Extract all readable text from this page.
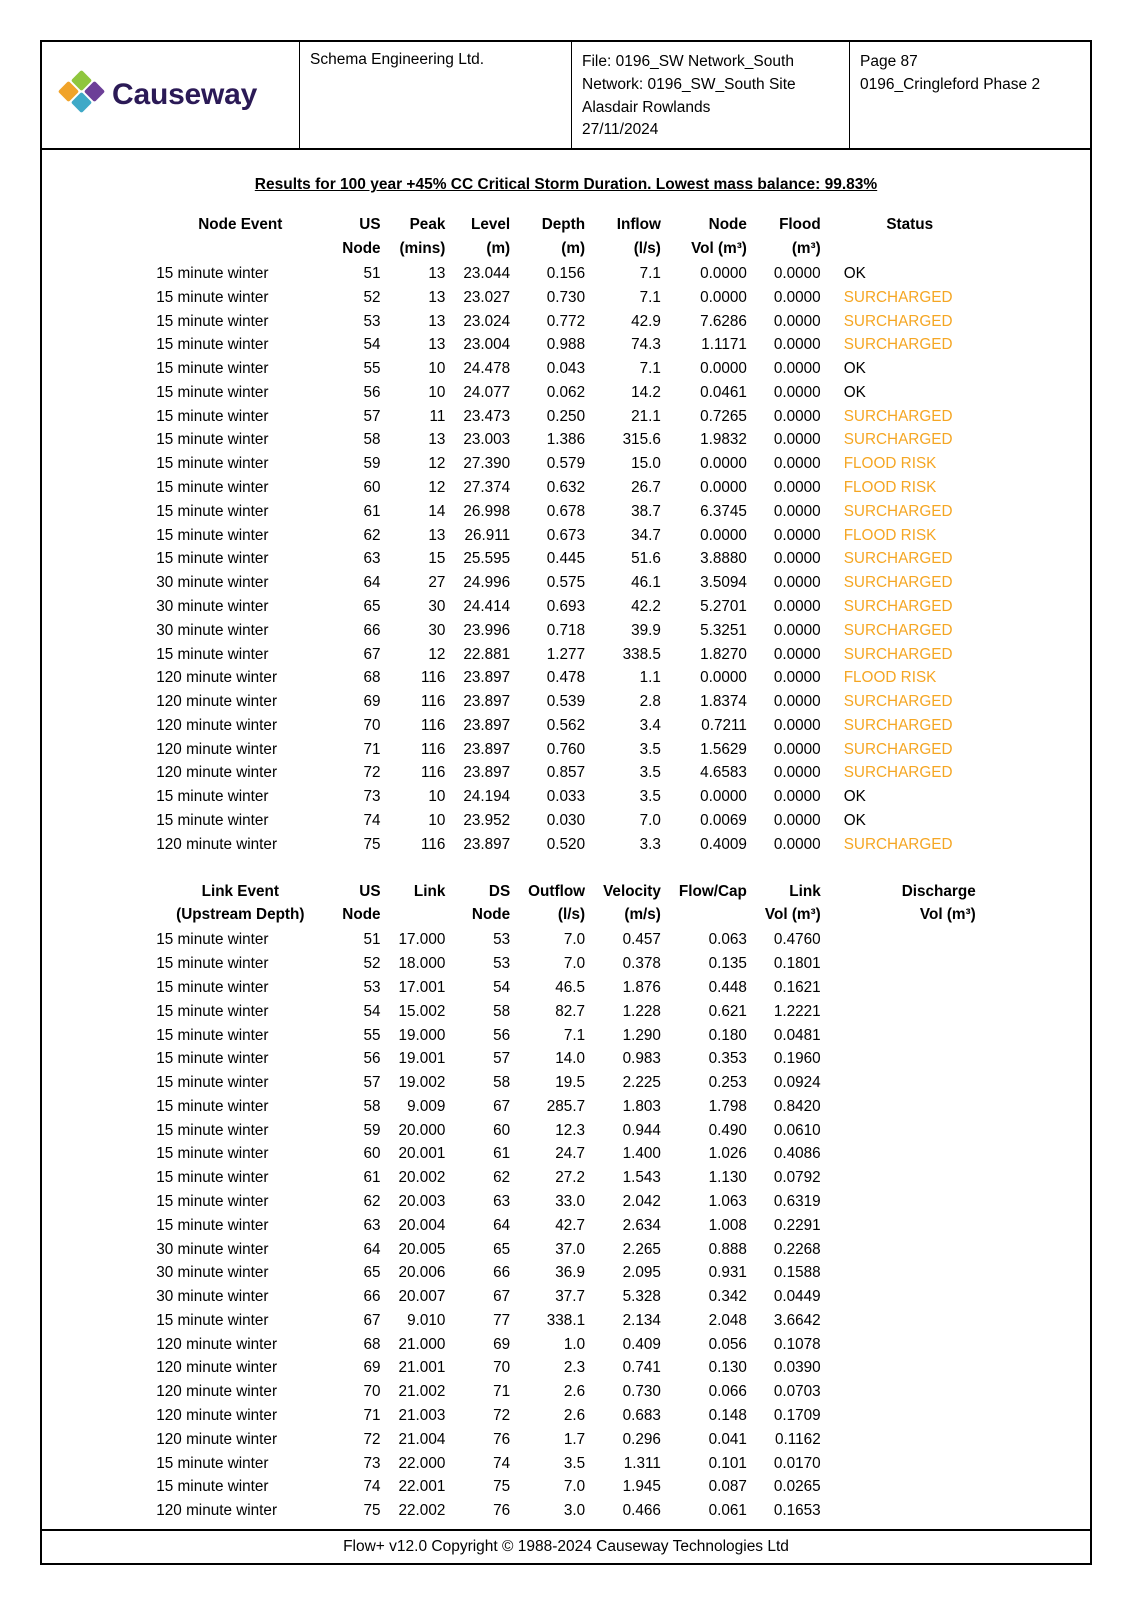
Causeway
Schema Engineering Ltd.	File: 0196_SW Network_South
Network: 0196_SW_South Site
Alasdair Rowlands
27/11/2024
Page 87
0196_Cringleford Phase 2
Results for 100 year +45% CC Critical Storm Duration. Lowest mass balance: 99.83%
Node Event	US	Peak	Level	Depth	Inflow	Node	Flood	Status
	Node	(mins)	(m)	(m)	(l/s)	Vol (m³)	(m³)	
15 minute winter	51	13	23.044	0.156	7.1	0.0000	0.0000	OK
15 minute winter	52	13	23.027	0.730	7.1	0.0000	0.0000	SURCHARGED
15 minute winter	53	13	23.024	0.772	42.9	7.6286	0.0000	SURCHARGED
15 minute winter	54	13	23.004	0.988	74.3	1.1171	0.0000	SURCHARGED
15 minute winter	55	10	24.478	0.043	7.1	0.0000	0.0000	OK
15 minute winter	56	10	24.077	0.062	14.2	0.0461	0.0000	OK
15 minute winter	57	11	23.473	0.250	21.1	0.7265	0.0000	SURCHARGED
15 minute winter	58	13	23.003	1.386	315.6	1.9832	0.0000	SURCHARGED
15 minute winter	59	12	27.390	0.579	15.0	0.0000	0.0000	FLOOD RISK
15 minute winter	60	12	27.374	0.632	26.7	0.0000	0.0000	FLOOD RISK
15 minute winter	61	14	26.998	0.678	38.7	6.3745	0.0000	SURCHARGED
15 minute winter	62	13	26.911	0.673	34.7	0.0000	0.0000	FLOOD RISK
15 minute winter	63	15	25.595	0.445	51.6	3.8880	0.0000	SURCHARGED
30 minute winter	64	27	24.996	0.575	46.1	3.5094	0.0000	SURCHARGED
30 minute winter	65	30	24.414	0.693	42.2	5.2701	0.0000	SURCHARGED
30 minute winter	66	30	23.996	0.718	39.9	5.3251	0.0000	SURCHARGED
15 minute winter	67	12	22.881	1.277	338.5	1.8270	0.0000	SURCHARGED
120 minute winter	68	116	23.897	0.478	1.1	0.0000	0.0000	FLOOD RISK
120 minute winter	69	116	23.897	0.539	2.8	1.8374	0.0000	SURCHARGED
120 minute winter	70	116	23.897	0.562	3.4	0.7211	0.0000	SURCHARGED
120 minute winter	71	116	23.897	0.760	3.5	1.5629	0.0000	SURCHARGED
120 minute winter	72	116	23.897	0.857	3.5	4.6583	0.0000	SURCHARGED
15 minute winter	73	10	24.194	0.033	3.5	0.0000	0.0000	OK
15 minute winter	74	10	23.952	0.030	7.0	0.0069	0.0000	OK
120 minute winter	75	116	23.897	0.520	3.3	0.4009	0.0000	SURCHARGED

Link Event	US	Link	DS	Outflow	Velocity	Flow/Cap	Link	Discharge
(Upstream Depth)	Node		Node	(l/s)	(m/s)		Vol (m³)	Vol (m³)
15 minute winter	51	17.000	53	7.0	0.457	0.063	0.4760	
15 minute winter	52	18.000	53	7.0	0.378	0.135	0.1801	
15 minute winter	53	17.001	54	46.5	1.876	0.448	0.1621	
15 minute winter	54	15.002	58	82.7	1.228	0.621	1.2221	
15 minute winter	55	19.000	56	7.1	1.290	0.180	0.0481	
15 minute winter	56	19.001	57	14.0	0.983	0.353	0.1960	
15 minute winter	57	19.002	58	19.5	2.225	0.253	0.0924	
15 minute winter	58	9.009	67	285.7	1.803	1.798	0.8420	
15 minute winter	59	20.000	60	12.3	0.944	0.490	0.0610	
15 minute winter	60	20.001	61	24.7	1.400	1.026	0.4086	
15 minute winter	61	20.002	62	27.2	1.543	1.130	0.0792	
15 minute winter	62	20.003	63	33.0	2.042	1.063	0.6319	
15 minute winter	63	20.004	64	42.7	2.634	1.008	0.2291	
30 minute winter	64	20.005	65	37.0	2.265	0.888	0.2268	
30 minute winter	65	20.006	66	36.9	2.095	0.931	0.1588	
30 minute winter	66	20.007	67	37.7	5.328	0.342	0.0449	
15 minute winter	67	9.010	77	338.1	2.134	2.048	3.6642	
120 minute winter	68	21.000	69	1.0	0.409	0.056	0.1078	
120 minute winter	69	21.001	70	2.3	0.741	0.130	0.0390	
120 minute winter	70	21.002	71	2.6	0.730	0.066	0.0703	
120 minute winter	71	21.003	72	2.6	0.683	0.148	0.1709	
120 minute winter	72	21.004	76	1.7	0.296	0.041	0.1162	
15 minute winter	73	22.000	74	3.5	1.311	0.101	0.0170	
15 minute winter	74	22.001	75	7.0	1.945	0.087	0.0265	
120 minute winter	75	22.002	76	3.0	0.466	0.061	0.1653	
Flow+ v12.0 Copyright © 1988-2024 Causeway Technologies Ltd
